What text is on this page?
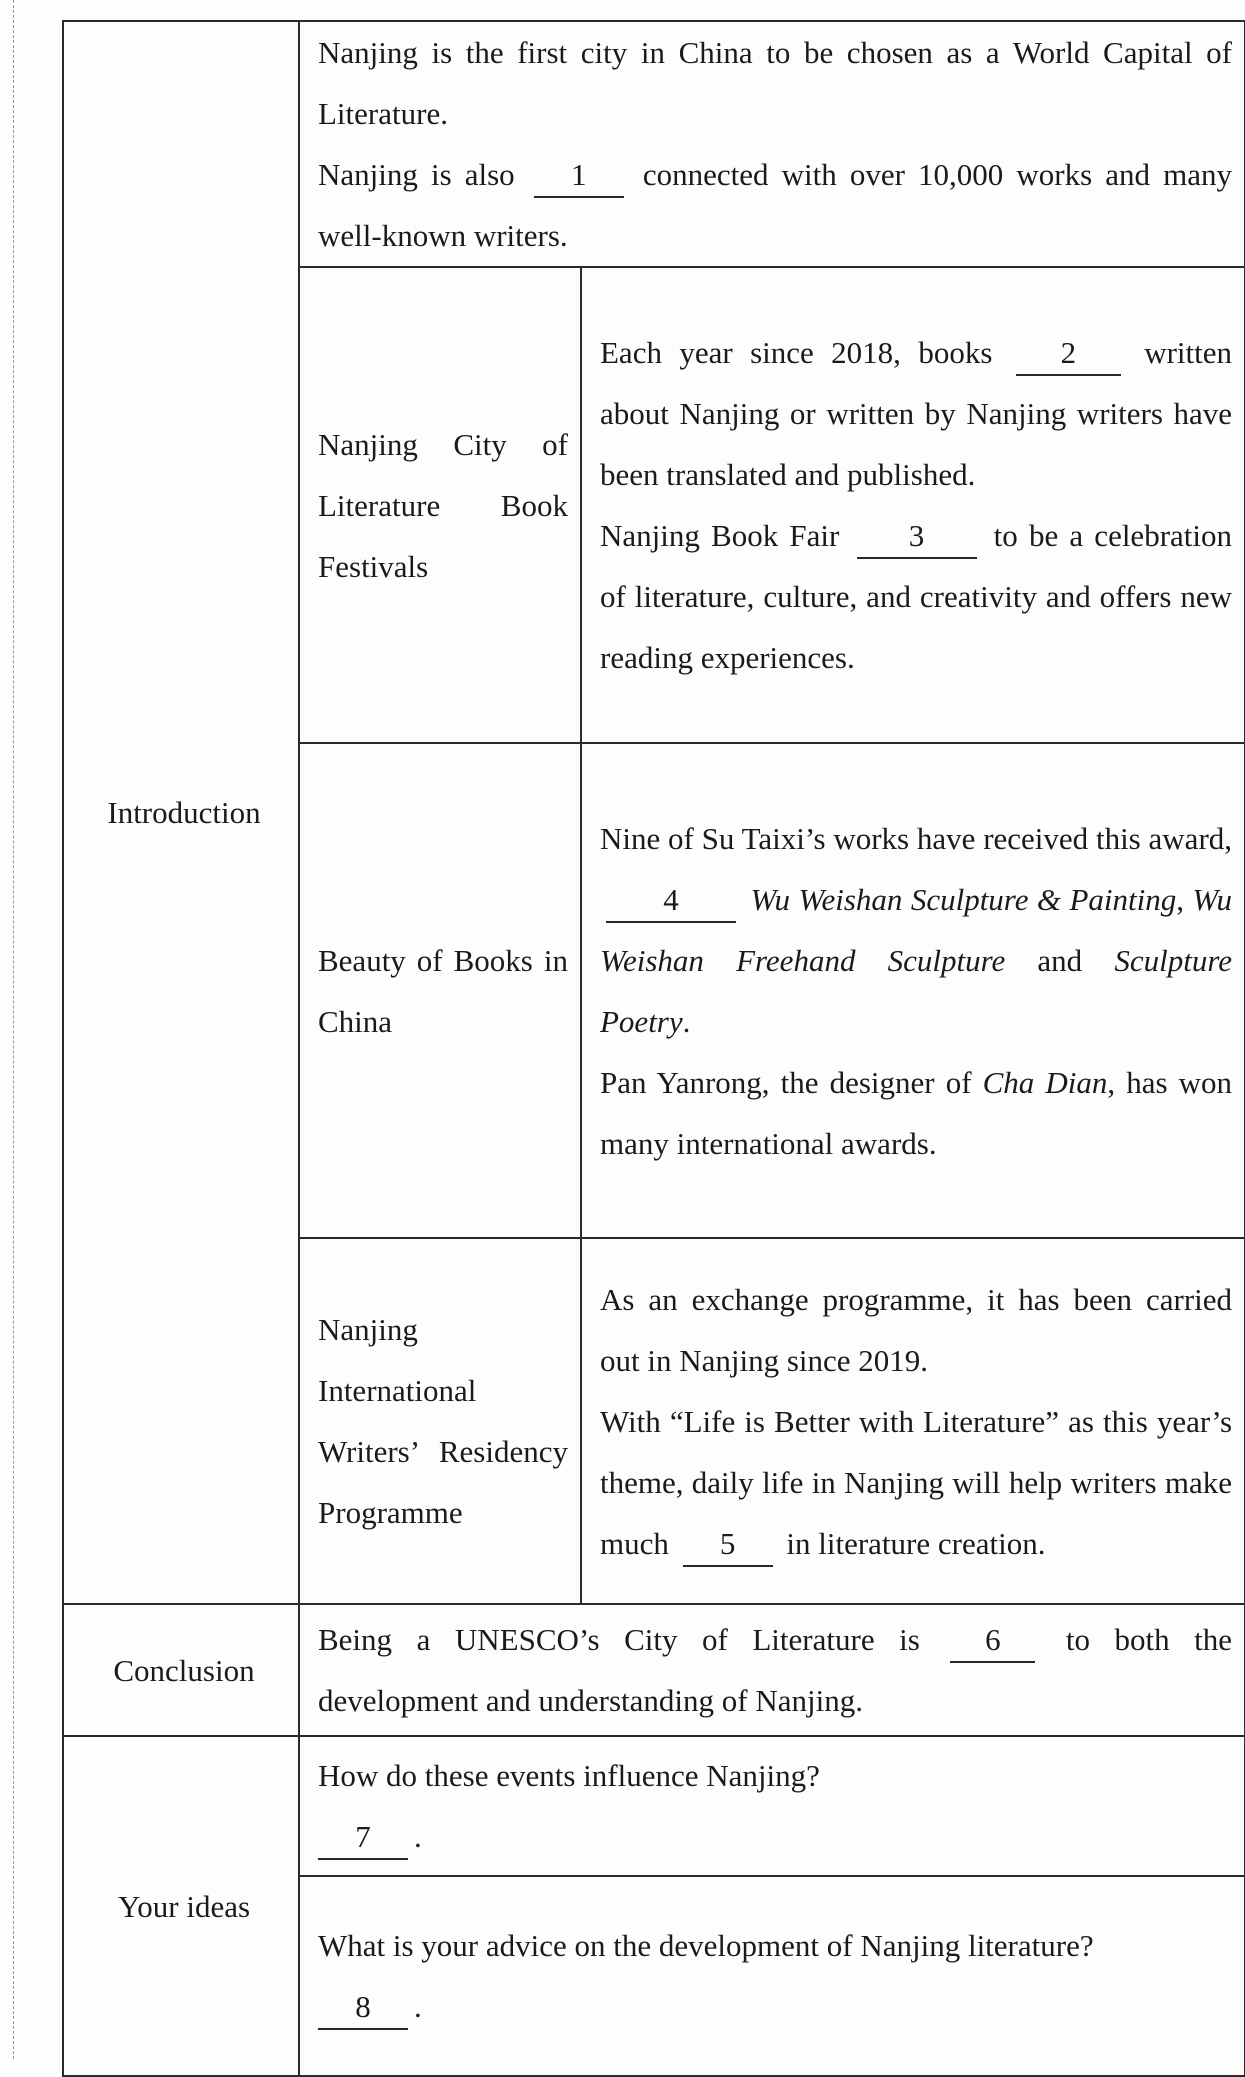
Introduction	Nanjing is the first city in China to be chosen as a World Capital of Literature.
Nanjing is also 1 connected with over 10,000 works and many well-known writers.	

	Nanjing City of Literature Book Festivals	Each year since 2018, books 2 written about Nanjing or written by Nanjing writers have been translated and published.
Nanjing Book Fair 3 to be a celebration of literature, culture, and creativity and offers new reading experiences.

	Beauty of Books in China	Nine of Su Taixi’s works have received this award, 4 Wu Weishan Sculpture & Painting, Wu Weishan Freehand Sculpture and Sculpture Poetry.
Pan Yanrong, the designer of Cha Dian, has won many international awards.

	Nanjing International Writers’ Residency Programme	As an exchange programme, it has been carried out in Nanjing since 2019.
With “Life is Better with Literature” as this year’s theme, daily life in Nanjing will help writers make much 5 in literature creation.

Conclusion	Being a UNESCO’s City of Literature is 6 to both the development and understanding of Nanjing.	
Your ideas	How do these events influence Nanjing?
7 .	

	What is your advice on the development of Nanjing literature?
8 .	
